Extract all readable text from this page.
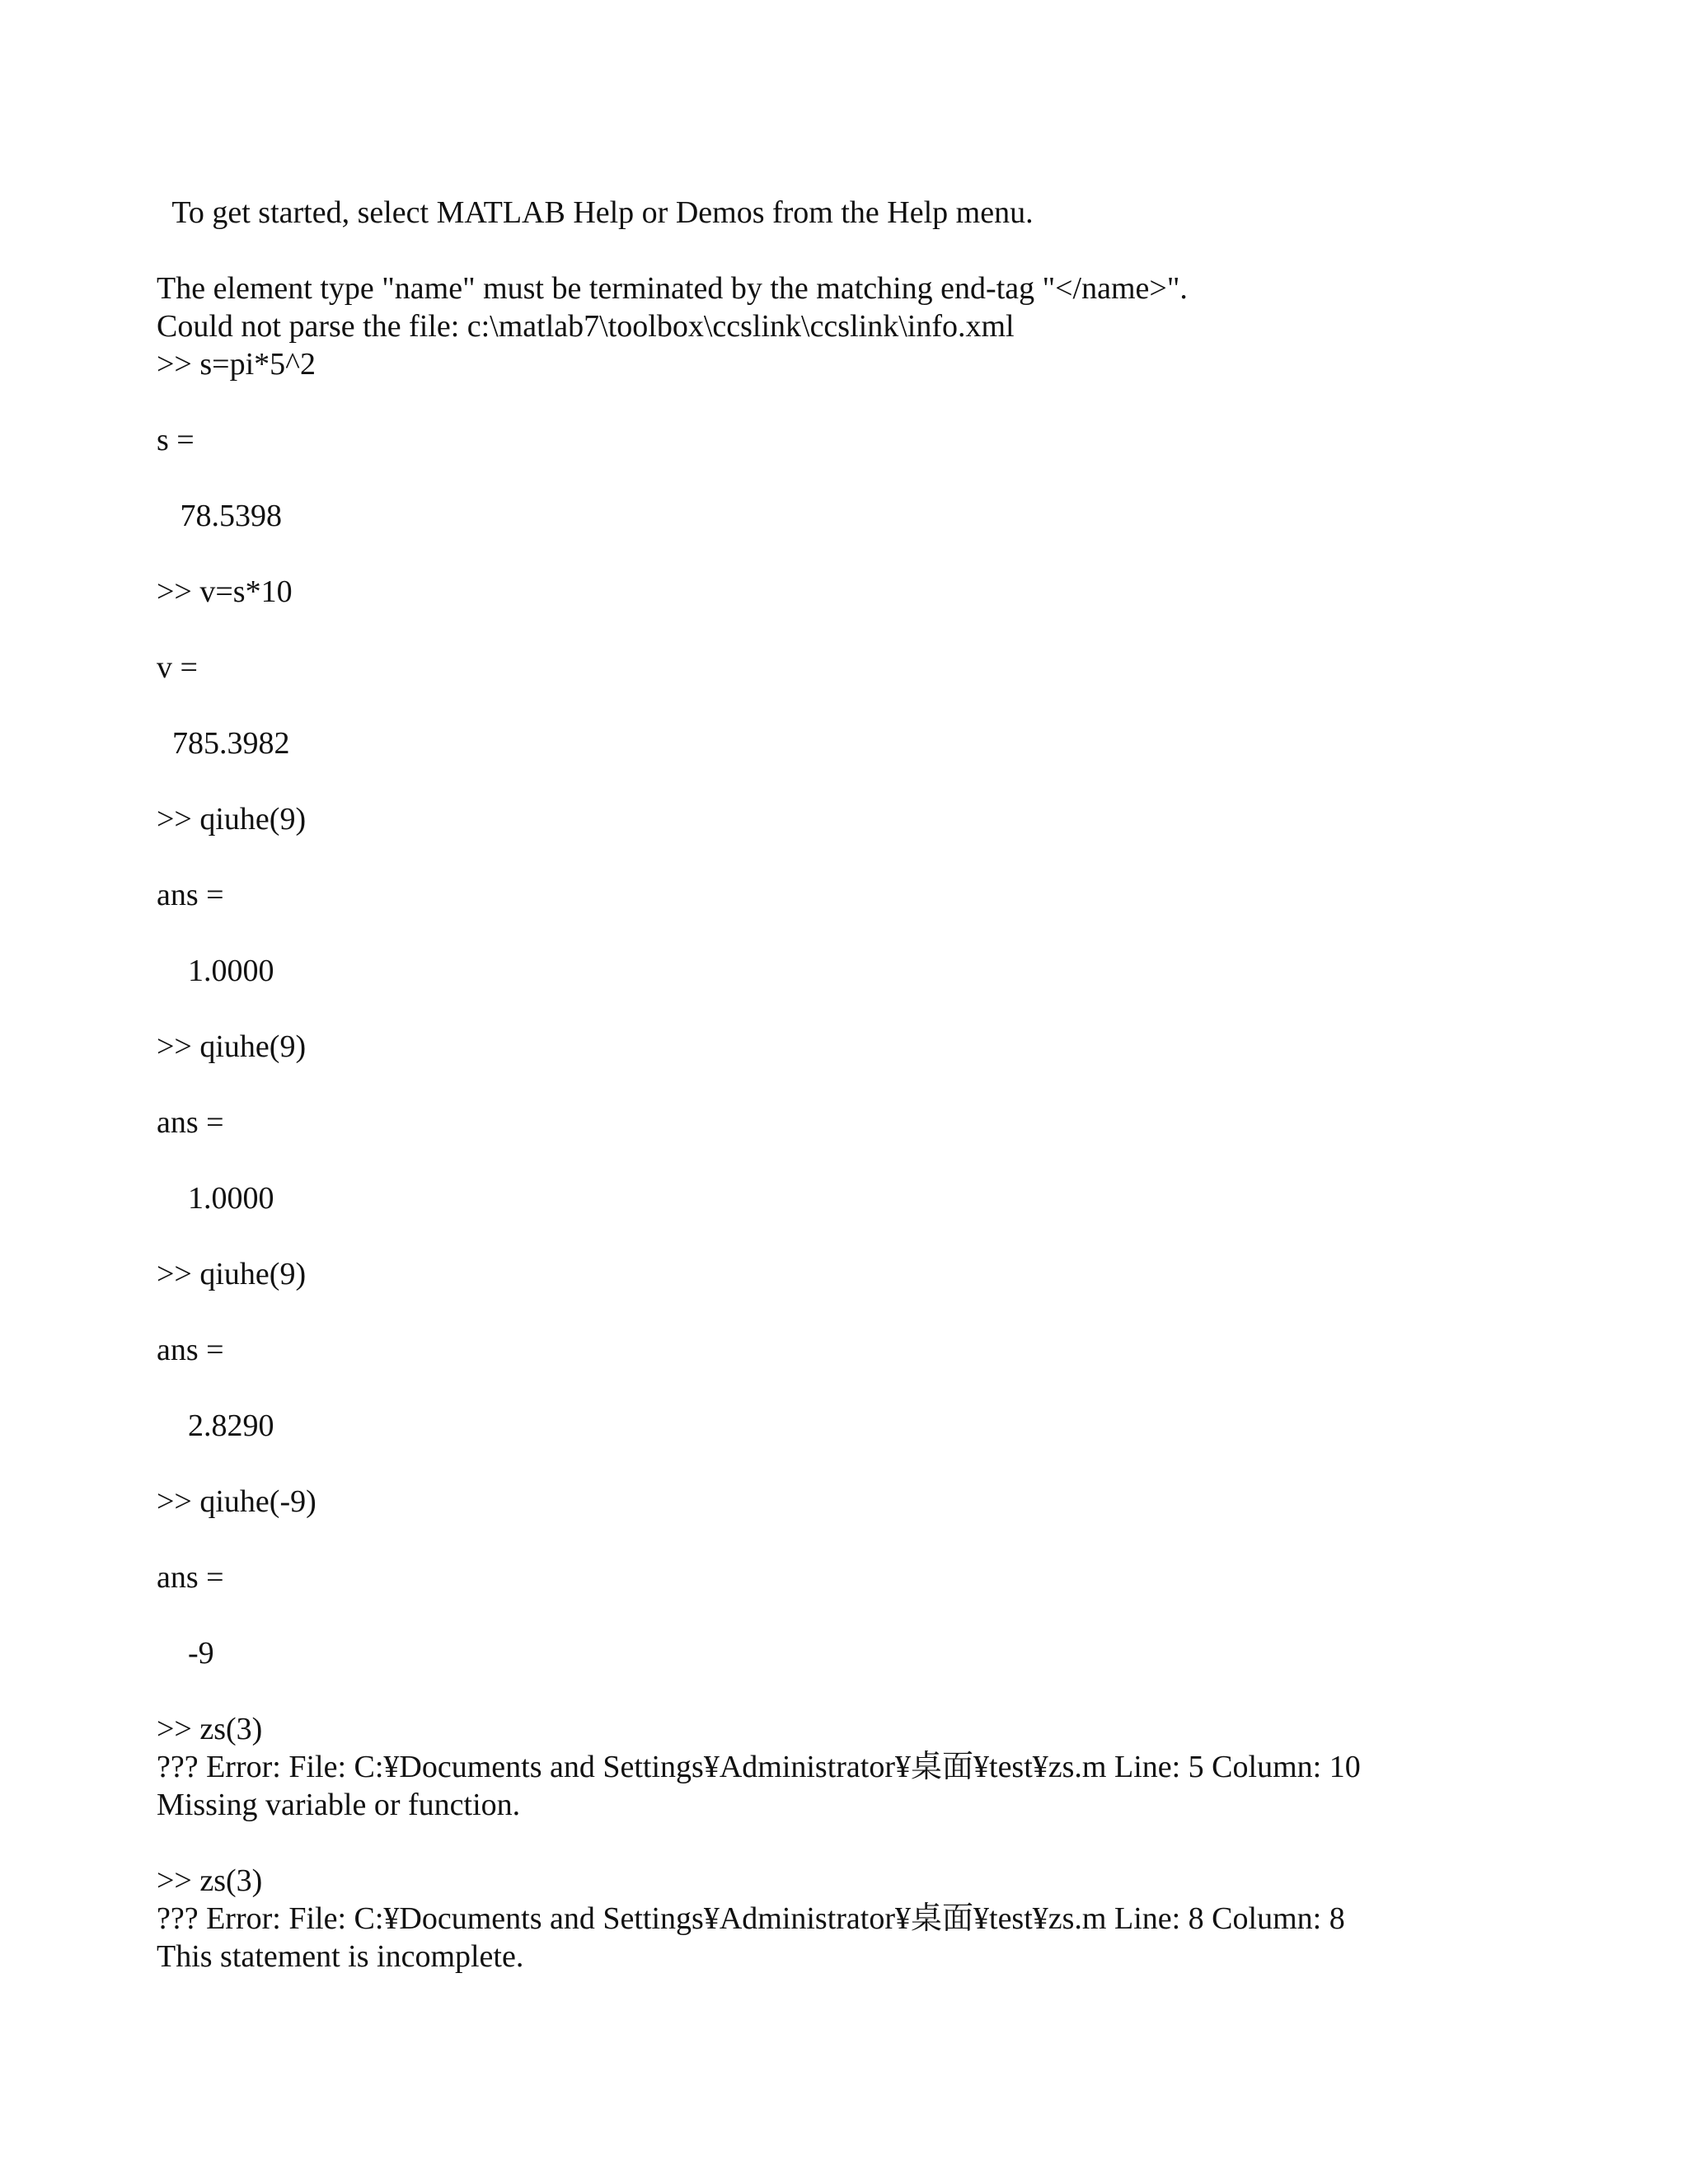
To get started, select MATLAB Help or Demos from the Help menu.

The element type "name" must be terminated by the matching end-tag "</name>".

Could not parse the file: c:\matlab7\toolbox\ccslink\ccslink\info.xml

>> s=pi*5^2

s =

78.5398

>> v=s*10

v =

785.3982

>> qiuhe(9)

ans =

1.0000

>> qiuhe(9)

ans =

1.0000

>> qiuhe(9)

ans =

2.8290

>> qiuhe(-9)

ans =

-9

>> zs(3)

??? Error: File: C:¥Documents and Settings¥Administrator¥桌面¥test¥zs.m Line: 5 Column: 10

Missing variable or function.

>> zs(3)

??? Error: File: C:¥Documents and Settings¥Administrator¥桌面¥test¥zs.m Line: 8 Column: 8

This statement is incomplete.
